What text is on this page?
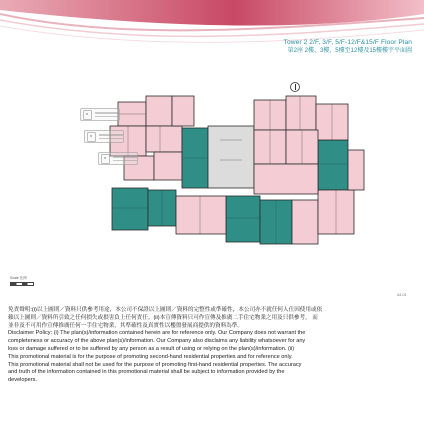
Tower 2 2/F, 3/F, 5/F-12/F&15/F Floor Plan
第2座 2樓、3樓、5樓至12樓及15樓樓宇平面圖
Scale 比例
A4-03

免責聲明:(i)以上圖則／資料只供參考用途，本公司不保證以上圖則／資料的完整性或準確性，本公司亦不就任何人仕因使用或依

賴以上圖則／資料所引致之任何損失或損害負上任何責任。(ii)本宣傳資料只可作宣傳及推廣二手住宅物業之用及只供參考， 而

並非及不可用作宣傳推廣任何一手住宅物業，其準確性及真實性以樓盤發展商提供的資料為準。

Disclaimer Policy: (i) The plan(s)/information contained herein are for reference only. Our Company does not warrant the

completeness or accuracy of the above plan(s)/information. Our Company also disclaims any liability whatsoever for any

loss or damage suffered or to be suffered by any person as a result of using or relying on the plan(s)/information. (ii)

This promotional material is for the purpose of promoting second-hand residential properties and for reference only.

This promotional material shall not be used for the purpose of promoting first-hand residential properties. The accuracy

and truth of the information contained in this promotional material shall be subject to information provided by the

developers.
